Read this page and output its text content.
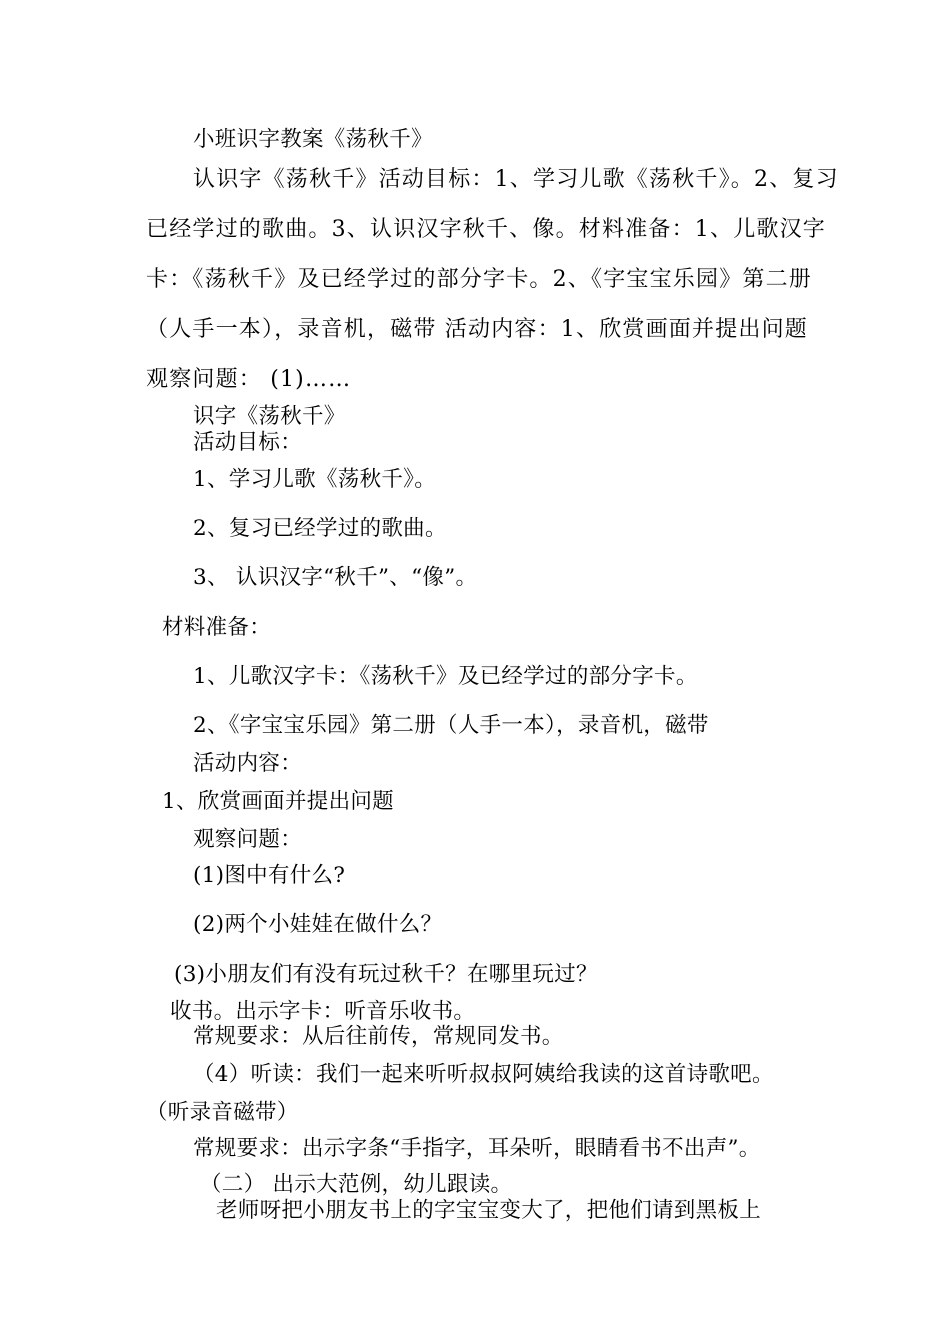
小班识字教案《荡秋千》
认识字《荡秋千》活动目标：1、学习儿歌《荡秋千》。2、复习
已经学过的歌曲。3、认识汉字秋千、像。材料准备：1、儿歌汉字
卡：《荡秋千》及已经学过的部分字卡。2、《字宝宝乐园》第二册
（人手一本），录音机，磁带 活动内容：1、欣赏画面并提出问题
观察问题： (1)……
识字《荡秋千》
活动目标：
1、学习儿歌《荡秋千》。
2、复习已经学过的歌曲。
3、 认识汉字“秋千”、“像”。
材料准备：
1、儿歌汉字卡：《荡秋千》及已经学过的部分字卡。
2、《字宝宝乐园》第二册（人手一本），录音机，磁带
活动内容：
1、欣赏画面并提出问题
观察问题：
(1)图中有什么?
(2)两个小娃娃在做什么？
(3)小朋友们有没有玩过秋千？在哪里玩过？
收书。出示字卡：听音乐收书。
常规要求：从后往前传，常规同发书。
（4）听读：我们一起来听听叔叔阿姨给我读的这首诗歌吧。
（听录音磁带）
常规要求：出示字条“手指字，耳朵听，眼睛看书不出声”。
（二） 出示大范例，幼儿跟读。
老师呀把小朋友书上的字宝宝变大了，把他们请到黑板上
